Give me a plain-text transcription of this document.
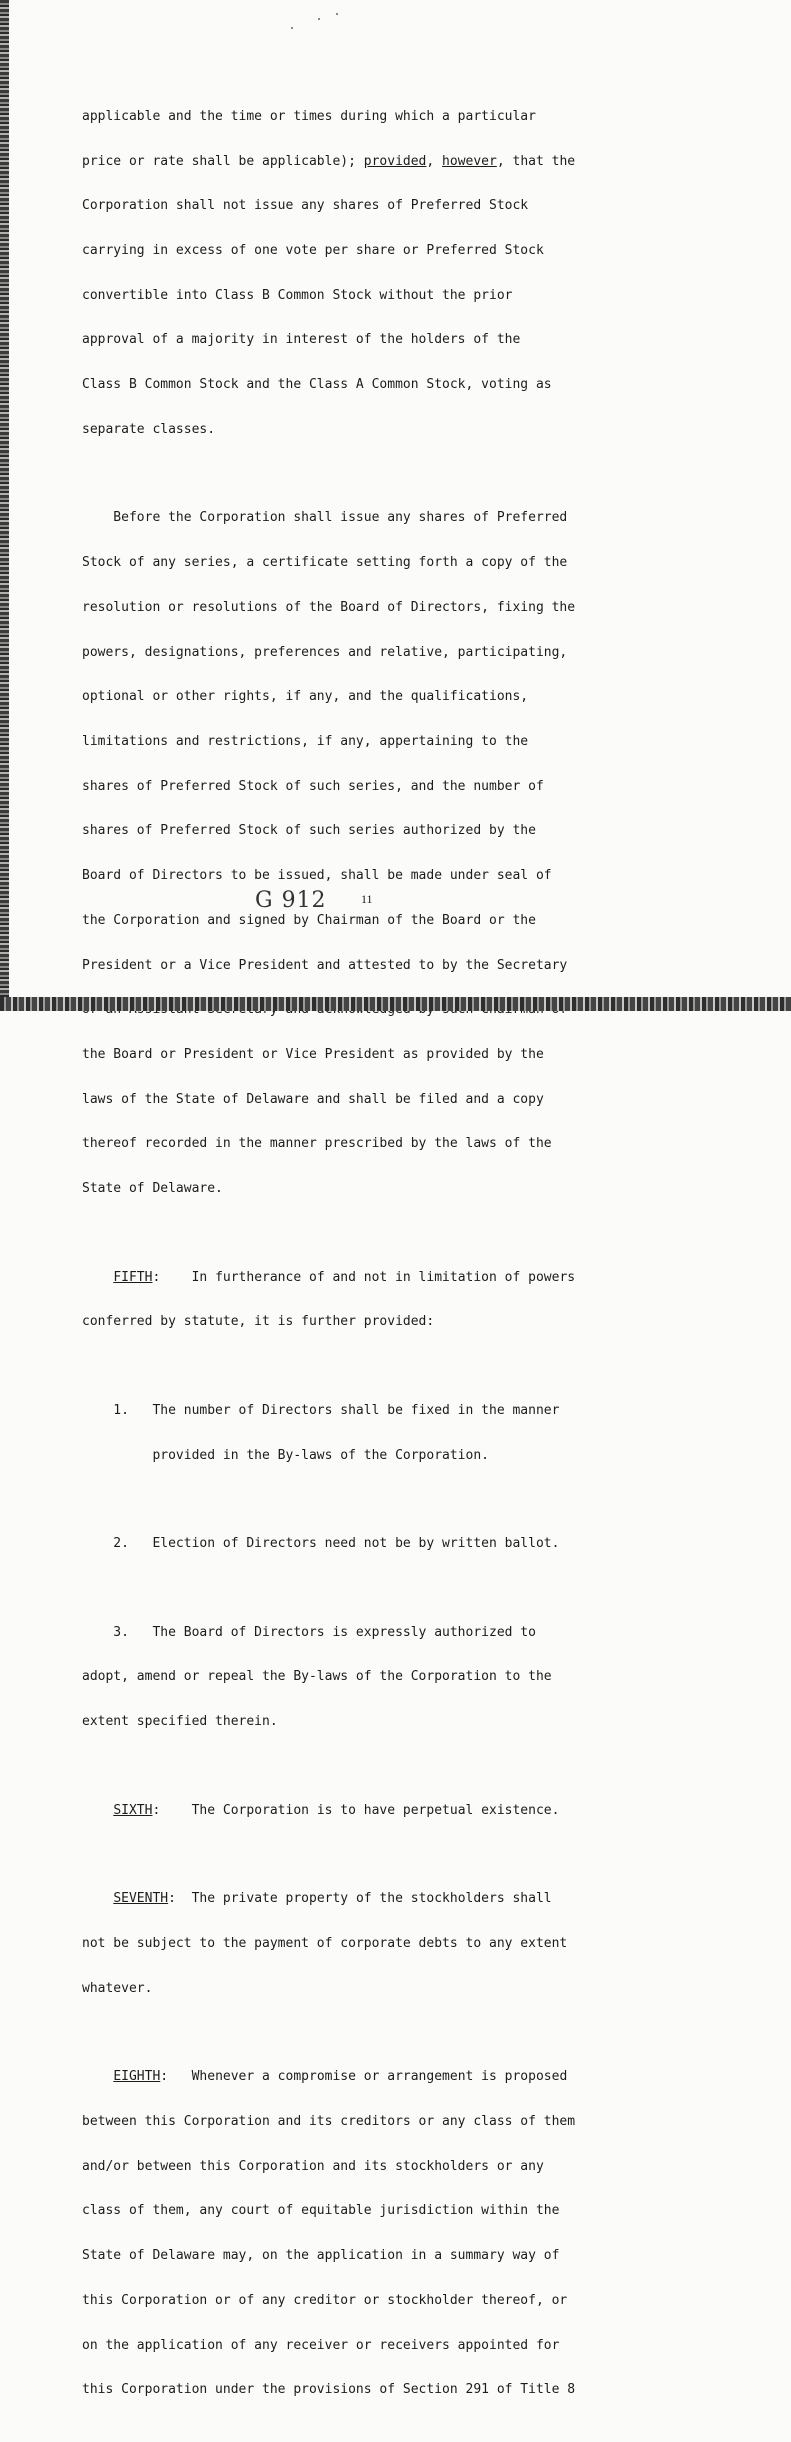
applicable and the time or times during which a particular

price or rate shall be applicable); provided, however, that the

Corporation shall not issue any shares of Preferred Stock

carrying in excess of one vote per share or Preferred Stock

convertible into Class B Common Stock without the prior

approval of a majority in interest of the holders of the

Class B Common Stock and the Class A Common Stock, voting as

separate classes.

Before the Corporation shall issue any shares of Preferred

Stock of any series, a certificate setting forth a copy of the

resolution or resolutions of the Board of Directors, fixing the

powers, designations, preferences and relative, participating,

optional or other rights, if any, and the qualifications,

limitations and restrictions, if any, appertaining to the

shares of Preferred Stock of such series, and the number of

shares of Preferred Stock of such series authorized by the

Board of Directors to be issued, shall be made under seal of

the Corporation and signed by Chairman of the Board or the

President or a Vice President and attested to by the Secretary

the Board or President or Vice President as provided by the

laws of the State of Delaware and shall be filed and a copy

thereof recorded in the manner prescribed by the laws of the

State of Delaware.

FIFTH:    In furtherance of and not in limitation of powers

conferred by statute, it is further provided:

1.   The number of Directors shall be fixed in the manner

provided in the By-laws of the Corporation.

2.   Election of Directors need not be by written ballot.

3.   The Board of Directors is expressly authorized to

adopt, amend or repeal the By-laws of the Corporation to the

extent specified therein.

SIXTH:    The Corporation is to have perpetual existence.

SEVENTH:  The private property of the stockholders shall

not be subject to the payment of corporate debts to any extent

whatever.

EIGHTH:   Whenever a compromise or arrangement is proposed

between this Corporation and its creditors or any class of them

and/or between this Corporation and its stockholders or any

class of them, any court of equitable jurisdiction within the

State of Delaware may, on the application in a summary way of

this Corporation or of any creditor or stockholder thereof, or

on the application of any receiver or receivers appointed for

this Corporation under the provisions of Section 291 of Title 8

G 912	11
